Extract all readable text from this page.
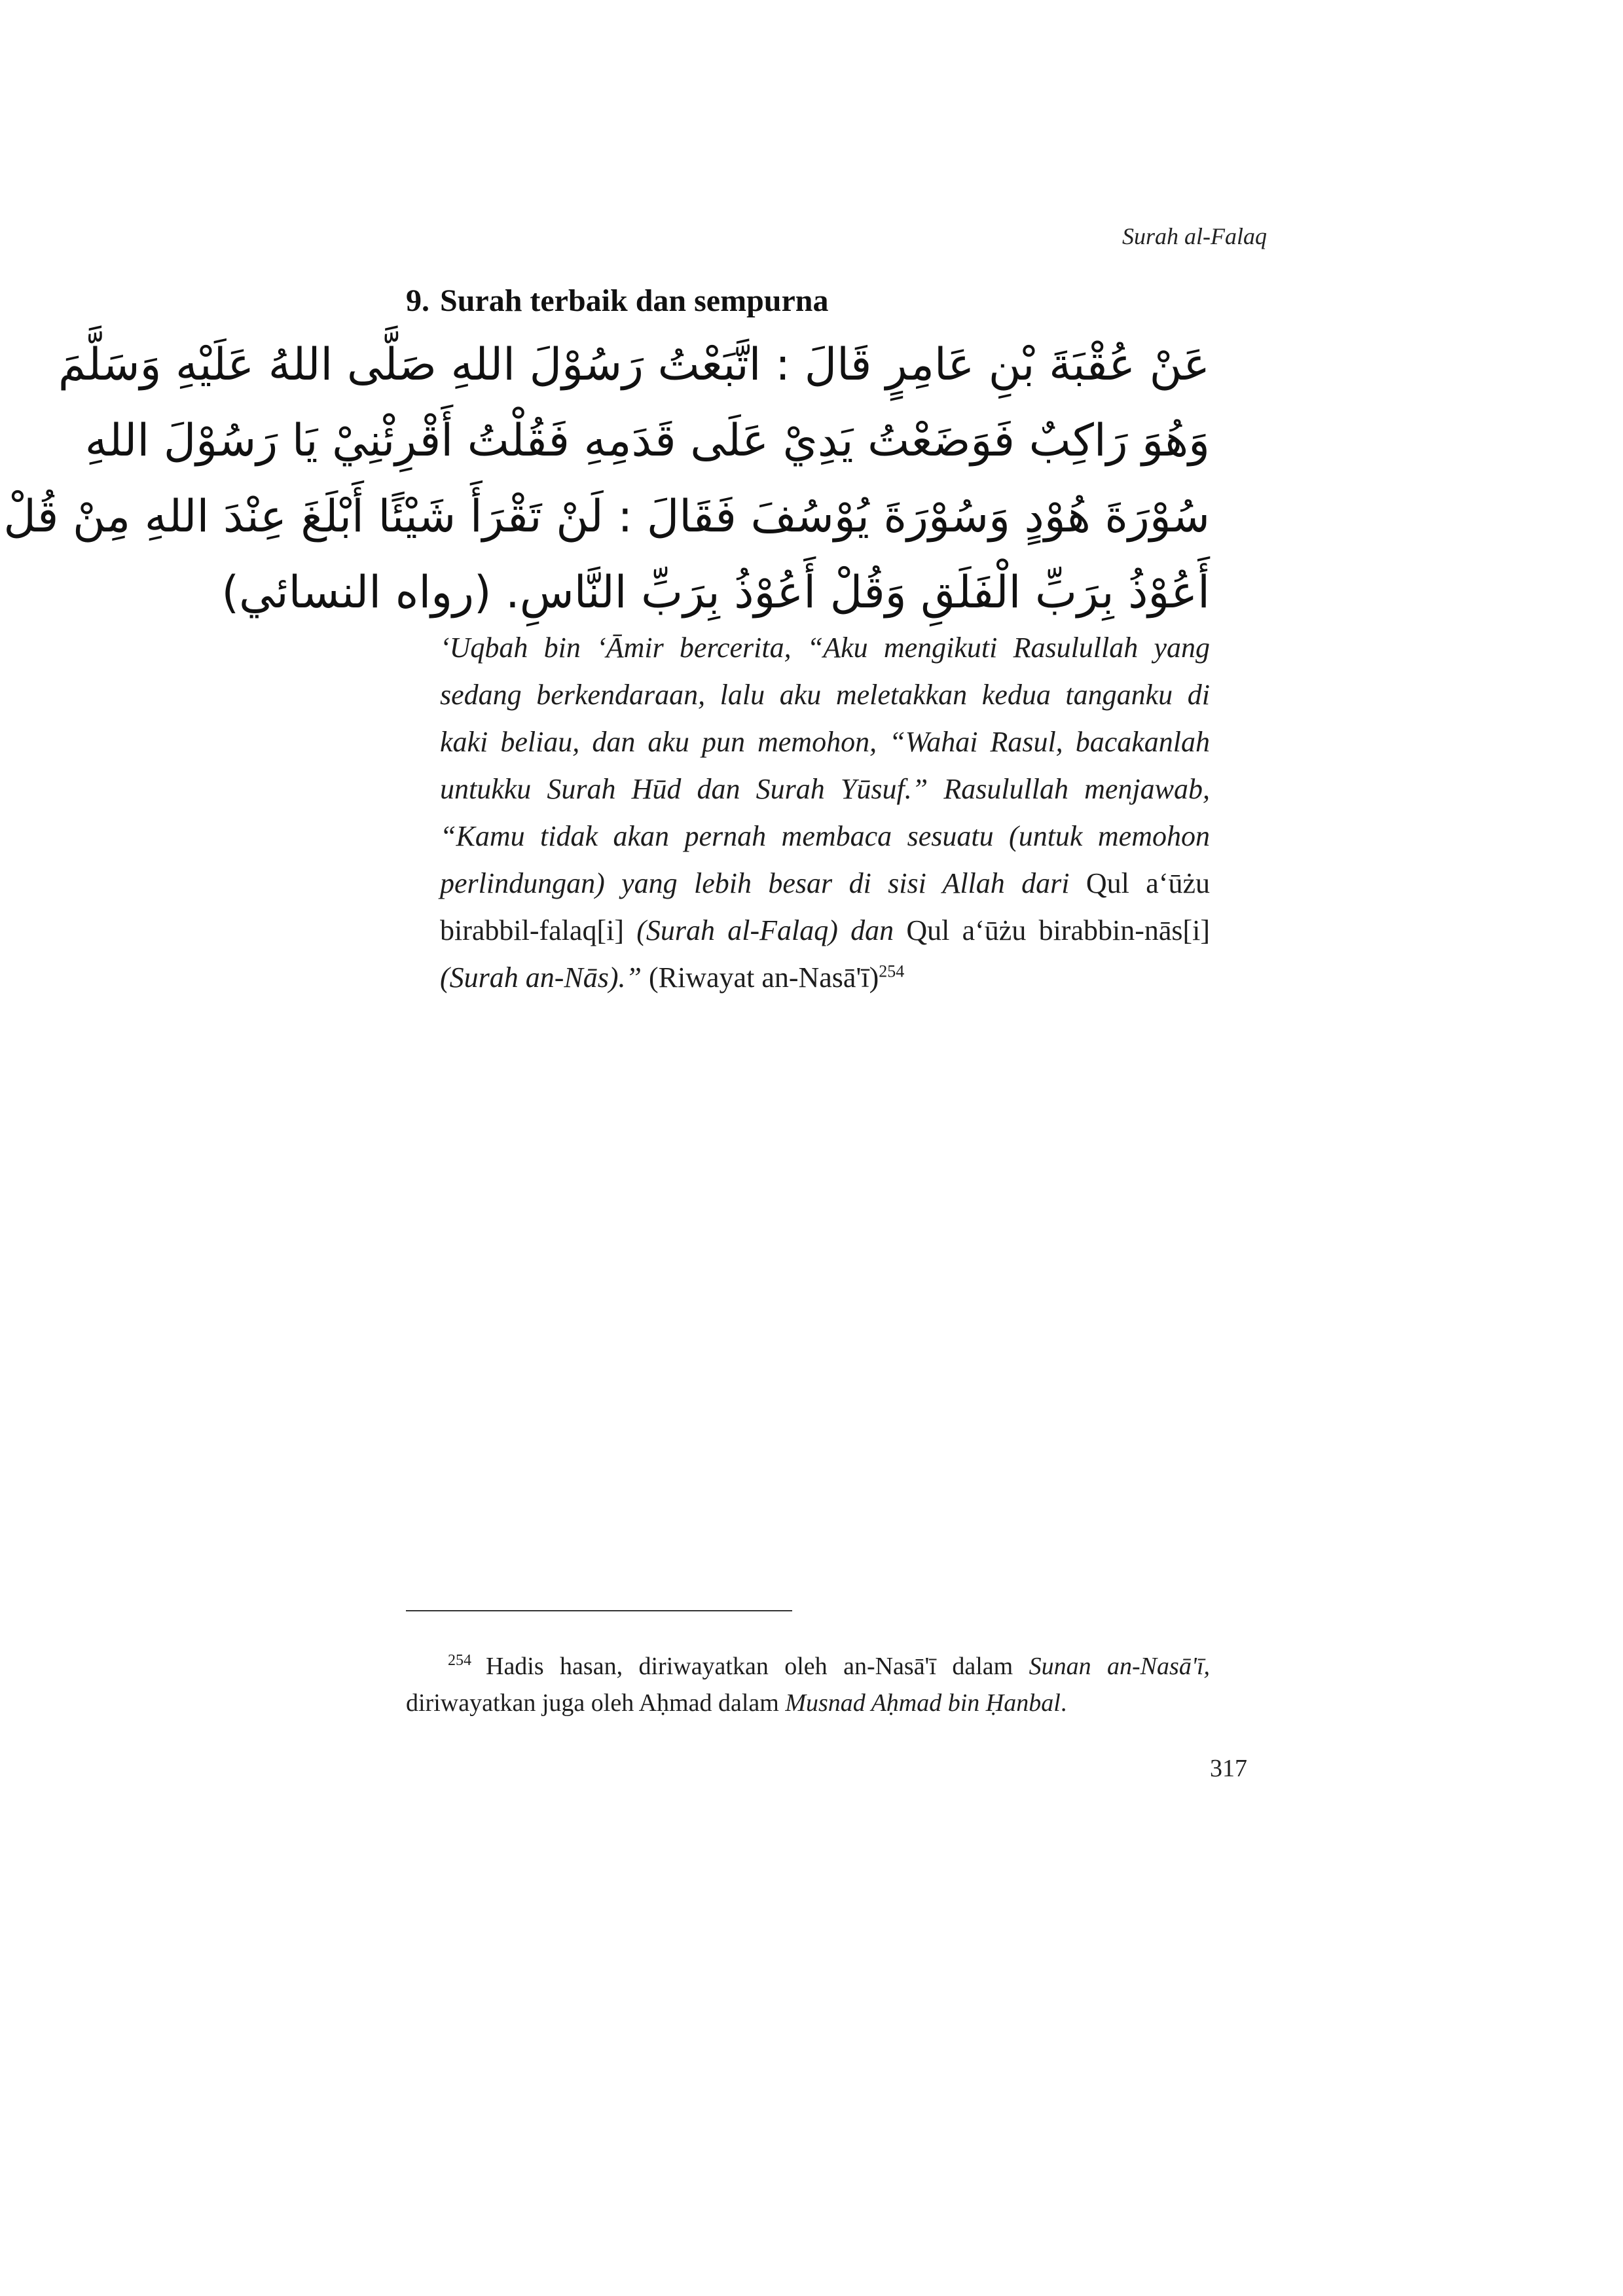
Surah al-Falaq
9. Surah terbaik dan sempurna
عَنْ عُقْبَةَ بْنِ عَامِرٍ قَالَ : اتَّبَعْتُ رَسُوْلَ اللهِ صَلَّى اللهُ عَلَيْهِ وَسَلَّمَ
وَهُوَ رَاكِبٌ فَوَضَعْتُ يَدِيْ عَلَى قَدَمِهِ فَقُلْتُ أَقْرِئْنِيْ يَا رَسُوْلَ اللهِ
سُوْرَةَ هُوْدٍ وَسُوْرَةَ يُوْسُفَ فَقَالَ : لَنْ تَقْرَأَ شَيْئًا أَبْلَغَ عِنْدَ اللهِ مِنْ قُلْ
أَعُوْذُ بِرَبِّ الْفَلَقِ وَقُلْ أَعُوْذُ بِرَبِّ النَّاسِ. (رواه النسائي)

‘Uqbah bin ‘Āmir bercerita, “Aku mengikuti Rasulullah yang sedang berkendaraan, lalu aku meletakkan kedua tanganku di kaki beliau, dan aku pun memohon, “Wahai Rasul, bacakanlah untukku Surah Hūd dan Surah Yūsuf.” Rasulullah menjawab, “Kamu tidak akan pernah membaca sesuatu (untuk memohon perlindungan) yang lebih besar di sisi Allah dari Qul a‘ūżu birabbil-falaq[i] (Surah al-Falaq) dan Qul a‘ūżu birabbin-nās[i] (Surah an-Nās).” (Riwayat an-Nasā'ī)$^{254}$

$^{254}$ Hadis hasan, diriwayatkan oleh an-Nasā'ī dalam Sunan an-Nasā'ī, diriwayatkan juga oleh Aḥmad dalam Musnad Aḥmad bin Ḥanbal.

317
